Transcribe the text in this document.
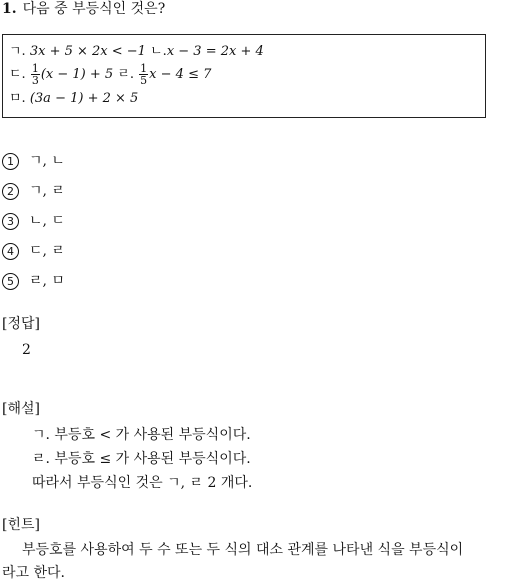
1. 다음 중 부등식인 것은?
ㄱ. 3x + 5 × 2x < −1 ㄴ.x − 3 = 2x + 4
ㄷ. $\frac{1}{3} (x - 1) + 5$ ㄹ. $\frac{1}{5}$ x − 4 ≤ 7
ㅁ. (3a − 1) + 2 × 5
1 ㄱ, ㄴ
2 ㄱ, ㄹ
3 ㄴ, ㄷ
4 ㄷ, ㄹ
5 ㄹ, ㅁ
[정답]
2
[해설]
ㄱ. 부등호 < 가 사용된 부등식이다.
ㄹ. 부등호 ≤ 가 사용된 부등식이다.
따라서 부등식인 것은 ㄱ, ㄹ 2 개다.
[힌트]
부등호를 사용하여 두 수 또는 두 식의 대소 관계를 나타낸 식을 부등식이
라고 한다.
